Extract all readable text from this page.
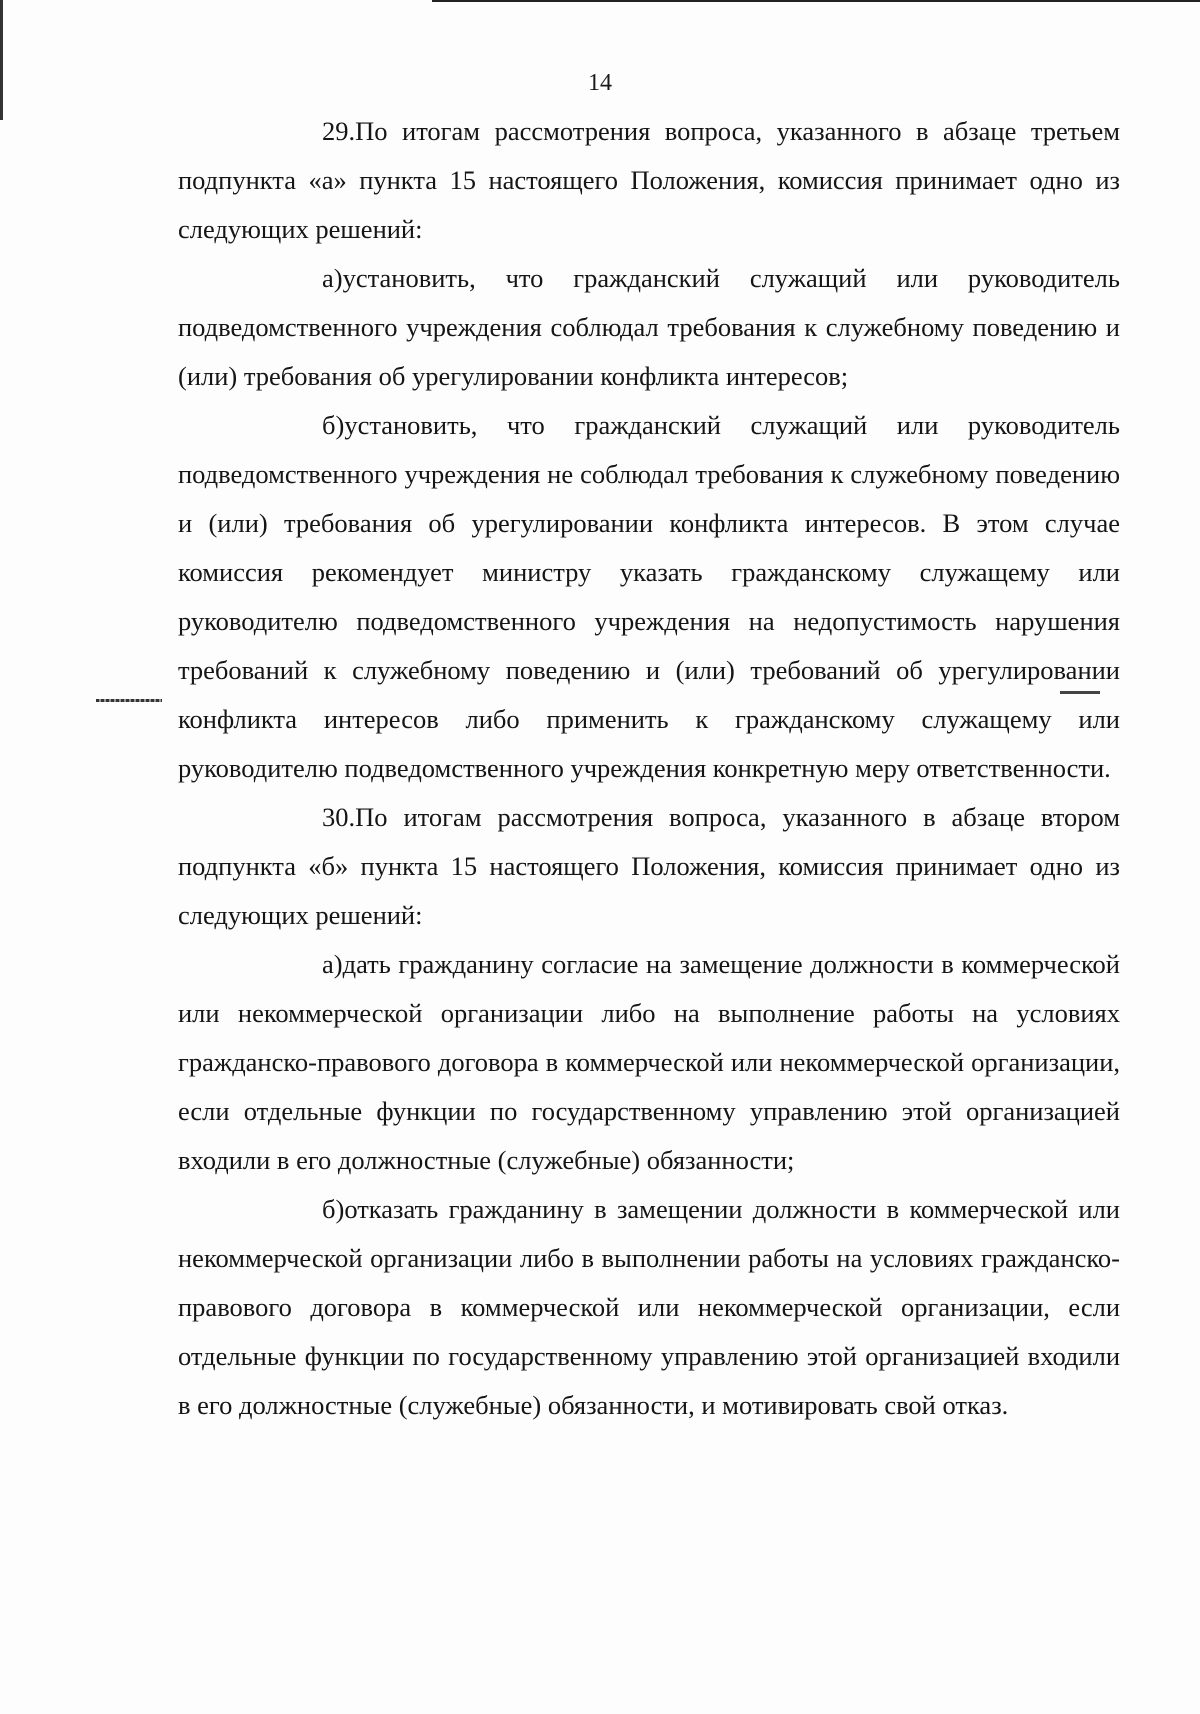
14

29.По итогам рассмотрения вопроса, указанного в абзаце третьем подпункта «а» пункта 15 настоящего Положения, комиссия принимает одно из следующих решений:

а)установить, что гражданский служащий или руководитель подведомственного учреждения соблюдал требования к служебному поведению и (или) требования об урегулировании конфликта интересов;

б)установить, что гражданский служащий или руководитель подведомственного учреждения не соблюдал требования к служебному поведению и (или) требования об урегулировании конфликта интересов. В этом случае комиссия рекомендует министру указать гражданскому служащему или руководителю подведомственного учреждения на недопустимость нарушения требований к служебному поведению и (или) требований об урегулировании конфликта интересов либо применить к гражданскому служащему или руководителю подведомственного учреждения конкретную меру ответственности.

30.По итогам рассмотрения вопроса, указанного в абзаце втором подпункта «б» пункта 15 настоящего Положения, комиссия принимает одно из следующих решений:

а)дать гражданину согласие на замещение должности в коммерческой или некоммерческой организации либо на выполнение работы на условиях гражданско-правового договора в коммерческой или некоммерческой организации, если отдельные функции по государственному управлению этой организацией входили в его должностные (служебные) обязанности;

б)отказать гражданину в замещении должности в коммерческой или некоммерческой организации либо в выполнении работы на условиях гражданско-правового договора в коммерческой или некоммерческой организации, если отдельные функции по государственному управлению этой организацией входили в его должностные (служебные) обязанности, и мотивировать свой отказ.
